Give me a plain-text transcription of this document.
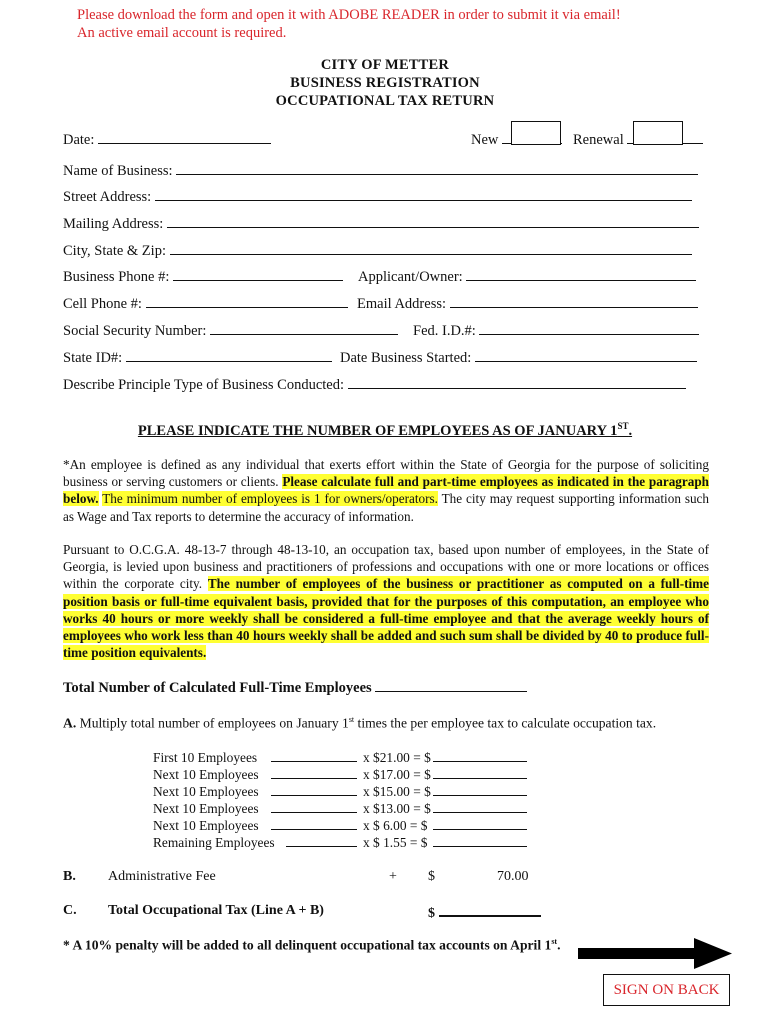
Please download the form and open it with ADOBE READER in order to submit it via email!
An active email account is required.
CITY OF METTER
BUSINESS REGISTRATION
OCCUPATIONAL TAX RETURN
Date:	New	Renewal
Name of Business:
Street Address:
Mailing Address:
City, State & Zip:
Business Phone #:	Applicant/Owner:
Cell Phone #:	Email Address:
Social Security Number:	Fed. I.D.#:
State ID#:	Date Business Started:
Describe Principle Type of Business Conducted:
PLEASE INDICATE THE NUMBER OF EMPLOYEES AS OF JANUARY 1ST.
*An employee is defined as any individual that exerts effort within the State of Georgia for the purpose of soliciting business or serving customers or clients. Please calculate full and part-time employees as indicated in the paragraph below. The minimum number of employees is 1 for owners/operators. The city may request supporting information such as Wage and Tax reports to determine the accuracy of information.
Pursuant to O.C.G.A. 48-13-7 through 48-13-10, an occupation tax, based upon number of employees, in the State of Georgia, is levied upon business and practitioners of professions and occupations with one or more locations or offices within the corporate city. The number of employees of the business or practitioner as computed on a full-time position basis or full-time equivalent basis, provided that for the purposes of this computation, an employee who works 40 hours or more weekly shall be considered a full-time employee and that the average weekly hours of employees who work less than 40 hours weekly shall be added and such sum shall be divided by 40 to produce full-time position equivalents.
Total Number of Calculated Full-Time Employees
A. Multiply total number of employees on January 1st times the per employee tax to calculate occupation tax.
First 10 Employees	x $21.00 = $
Next 10 Employees	x $17.00 = $
Next 10 Employees	x $15.00 = $
Next 10 Employees	x $13.00 = $
Next 10 Employees	x $ 6.00 = $
Remaining Employees	x $ 1.55 = $
B. Administrative Fee	+ $	70.00
C. Total Occupational Tax (Line A + B)	$
* A 10% penalty will be added to all delinquent occupational tax accounts on April 1st.
SIGN ON BACK
